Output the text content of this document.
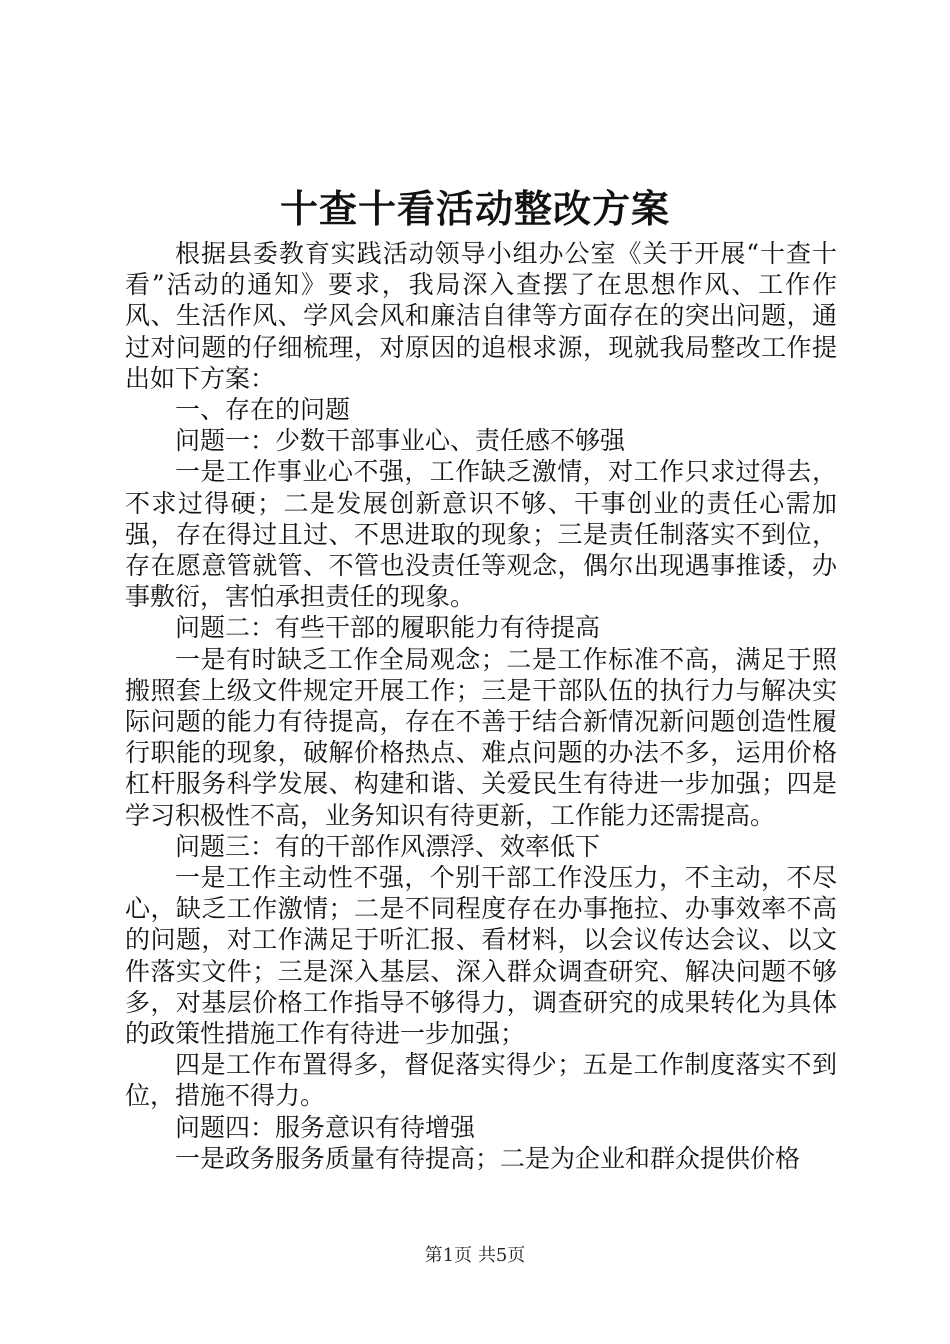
十查十看活动整改方案

根据县委教育实践活动领导小组办公室《关于开展“十查十看”活动的通知》要求，我局深入查摆了在思想作风、工作作风、生活作风、学风会风和廉洁自律等方面存在的突出问题，通过对问题的仔细梳理，对原因的追根求源，现就我局整改工作提出如下方案：

一、存在的问题

问题一：少数干部事业心、责任感不够强

一是工作事业心不强，工作缺乏激情，对工作只求过得去，不求过得硬；二是发展创新意识不够、干事创业的责任心需加强，存在得过且过、不思进取的现象；三是责任制落实不到位，存在愿意管就管、不管也没责任等观念，偶尔出现遇事推诿，办事敷衍，害怕承担责任的现象。

问题二：有些干部的履职能力有待提高

一是有时缺乏工作全局观念；二是工作标准不高，满足于照搬照套上级文件规定开展工作；三是干部队伍的执行力与解决实际问题的能力有待提高，存在不善于结合新情况新问题创造性履行职能的现象，破解价格热点、难点问题的办法不多，运用价格杠杆服务科学发展、构建和谐、关爱民生有待进一步加强；四是学习积极性不高，业务知识有待更新，工作能力还需提高。

问题三：有的干部作风漂浮、效率低下

一是工作主动性不强，个别干部工作没压力，不主动，不尽心，缺乏工作激情；二是不同程度存在办事拖拉、办事效率不高的问题，对工作满足于听汇报、看材料，以会议传达会议、以文件落实文件；三是深入基层、深入群众调查研究、解决问题不够多，对基层价格工作指导不够得力，调查研究的成果转化为具体的政策性措施工作有待进一步加强；

四是工作布置得多，督促落实得少；五是工作制度落实不到位，措施不得力。

问题四：服务意识有待增强

一是政务服务质量有待提高；二是为企业和群众提供价格

第1页 共5页
